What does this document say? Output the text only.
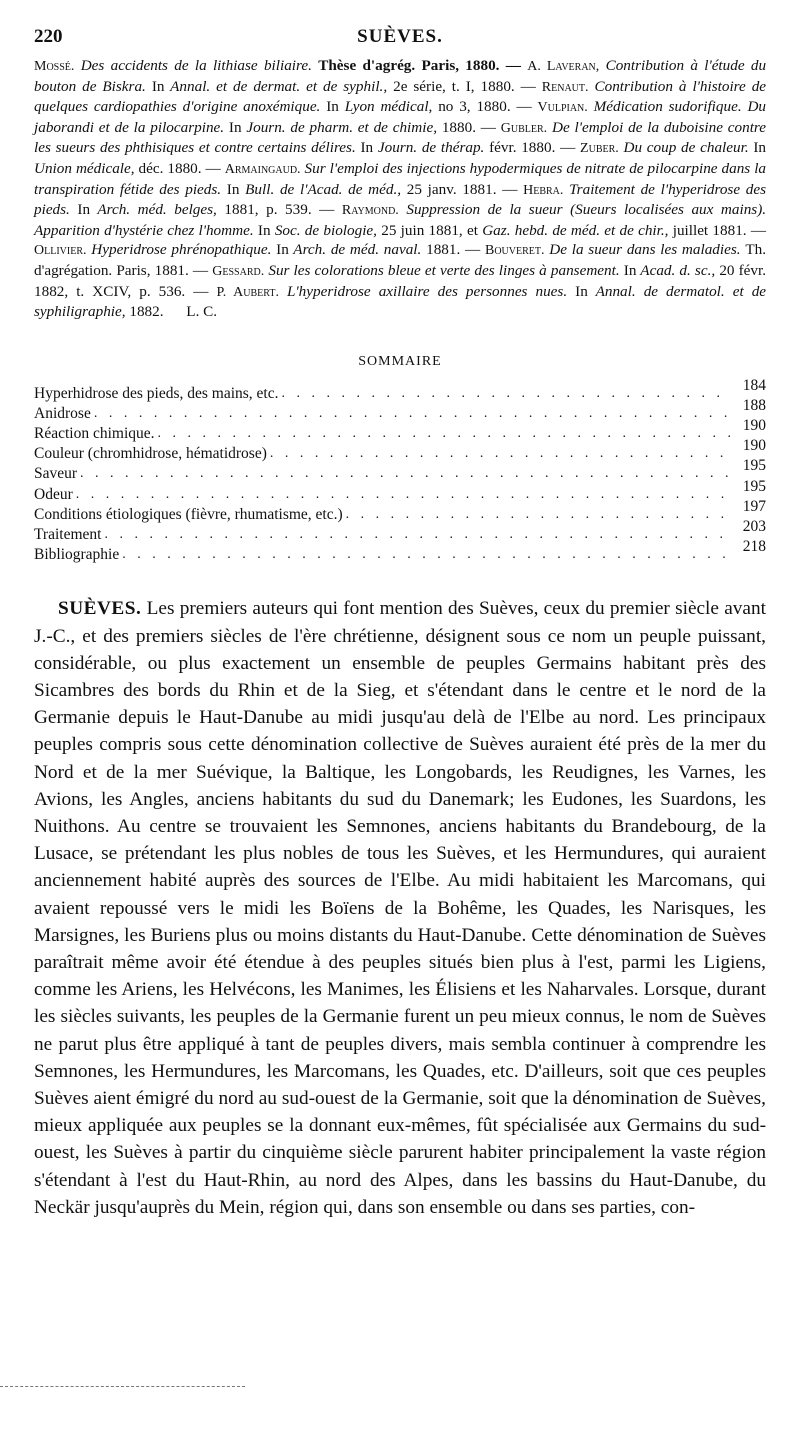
220	SUÈVES.
Mossé. Des accidents de la lithiase biliaire. Thèse d'agrég. Paris, 1880. — A. Laveran, Contribution à l'étude du bouton de Biskra. In Annal. et de dermat. et de syphil., 2e série, t. I, 1880. — Renaut. Contribution à l'histoire de quelques cardiopathies d'origine anoxémique. In Lyon médical, no 3, 1880. — Vulpian. Médication sudorifique. Du jaborandi et de la pilocarpine. In Journ. de pharm. et de chimie, 1880. — Gubler. De l'emploi de la duboisine contre les sueurs des phthisiques et contre certains délires. In Journ. de thérap. févr. 1880. — Zuber. Du coup de chaleur. In Union médicale, déc. 1880. — Armaingaud. Sur l'emploi des injections hypodermiques de nitrate de pilocarpine dans la transpiration fétide des pieds. In Bull. de l'Acad. de méd., 25 janv. 1881. — Hebra. Traitement de l'hyperidrose des pieds. In Arch. méd. belges, 1881, p. 539. — Raymond. Suppression de la sueur (Sueurs localisées aux mains). Apparition d'hystérie chez l'homme. In Soc. de biologie, 25 juin 1881, et Gaz. hebd. de méd. et de chir., juillet 1881. — Ollivier. Hyperidrose phrénopathique. In Arch. de méd. naval. 1881. — Bouveret. De la sueur dans les maladies. Th. d'agrégation. Paris, 1881. — Gessard. Sur les colorations bleue et verte des linges à pansement. In Acad. d. sc., 20 févr. 1882, t. XCIV, p. 536. — P. Aubert. L'hyperidrose axillaire des personnes nues. In Annal. de dermatol. et de syphiligraphie, 1882. L. C.
SOMMAIRE
Hyperhidrose des pieds, des mains, etc. . . .	184
Anidrose . . .	188
Réaction chimique. . . .	190
Couleur (chromhidrose, hématidrose) . . .	190
Saveur . . .	195
Odeur . . .	195
Conditions étiologiques (fièvre, rhumatisme, etc.) . . .	197
Traitement . . .	203
Bibliographie . . .	218

SUÈVES. Les premiers auteurs qui font mention des Suèves, ceux du premier siècle avant J.-C., et des premiers siècles de l'ère chrétienne, désignent sous ce nom un peuple puissant, considérable, ou plus exactement un ensemble de peuples Germains habitant près des Sicambres des bords du Rhin et de la Sieg, et s'étendant dans le centre et le nord de la Germanie depuis le Haut-Danube au midi jusqu'au delà de l'Elbe au nord. Les principaux peuples compris sous cette dénomination collective de Suèves auraient été près de la mer du Nord et de la mer Suévique, la Baltique, les Longobards, les Reudignes, les Varnes, les Avions, les Angles, anciens habitants du sud du Danemark; les Eudones, les Suardons, les Nuithons. Au centre se trouvaient les Semnones, anciens habitants du Brandebourg, de la Lusace, se prétendant les plus nobles de tous les Suèves, et les Hermundures, qui auraient anciennement habité auprès des sources de l'Elbe. Au midi habitaient les Marcomans, qui avaient repoussé vers le midi les Boïens de la Bohême, les Quades, les Narisques, les Marsignes, les Buriens plus ou moins distants du Haut-Danube. Cette dénomination de Suèves paraîtrait même avoir été étendue à des peuples situés bien plus à l'est, parmi les Ligiens, comme les Ariens, les Helvécons, les Manimes, les Élisiens et les Naharvales. Lorsque, durant les siècles suivants, les peuples de la Germanie furent un peu mieux connus, le nom de Suèves ne parut plus être appliqué à tant de peuples divers, mais sembla continuer à comprendre les Semnones, les Hermundures, les Marcomans, les Quades, etc. D'ailleurs, soit que ces peuples Suèves aient émigré du nord au sud-ouest de la Germanie, soit que la dénomination de Suèves, mieux appliquée aux peuples se la donnant eux-mêmes, fût spécialisée aux Germains du sud-ouest, les Suèves à partir du cinquième siècle parurent habiter principalement la vaste région s'étendant à l'est du Haut-Rhin, au nord des Alpes, dans les bassins du Haut-Danube, du Neckär jusqu'auprès du Mein, région qui, dans son ensemble ou dans ses parties, con-
